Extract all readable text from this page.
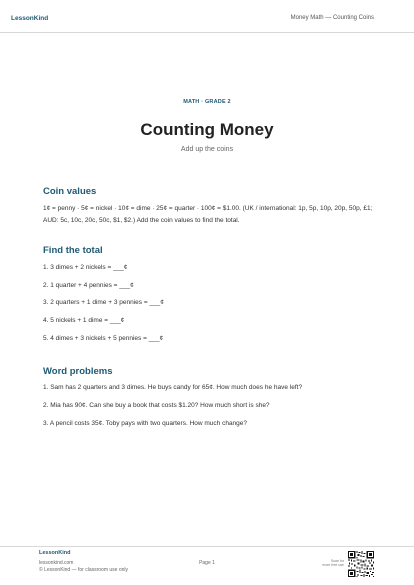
LessonKind	Money Math — Counting Coins
MATH · GRADE 2
Counting Money
Add up the coins
Coin values
1¢ = penny · 5¢ = nickel · 10¢ = dime · 25¢ = quarter · 100¢ = $1.00. (UK / international: 1p, 5p, 10p, 20p, 50p, £1; AUD: 5c, 10c, 20c, 50c, $1, $2.) Add the coin values to find the total.
Find the total
1. 3 dimes + 2 nickels = ___¢
2. 1 quarter + 4 pennies = ___¢
3. 2 quarters + 1 dime + 3 pennies = ___¢
4. 5 nickels + 1 dime = ___¢
5. 4 dimes + 3 nickels + 5 pennies = ___¢
Word problems
1. Sam has 2 quarters and 3 dimes. He buys candy for 65¢. How much does he have left?
2. Mia has 90¢. Can she buy a book that costs $1.20? How much short is she?
3. A pencil costs 35¢. Toby pays with two quarters. How much change?
LessonKind
lessonkind.com
© LessonKind — for classroom use only
Page 1	Scan for
more free use
